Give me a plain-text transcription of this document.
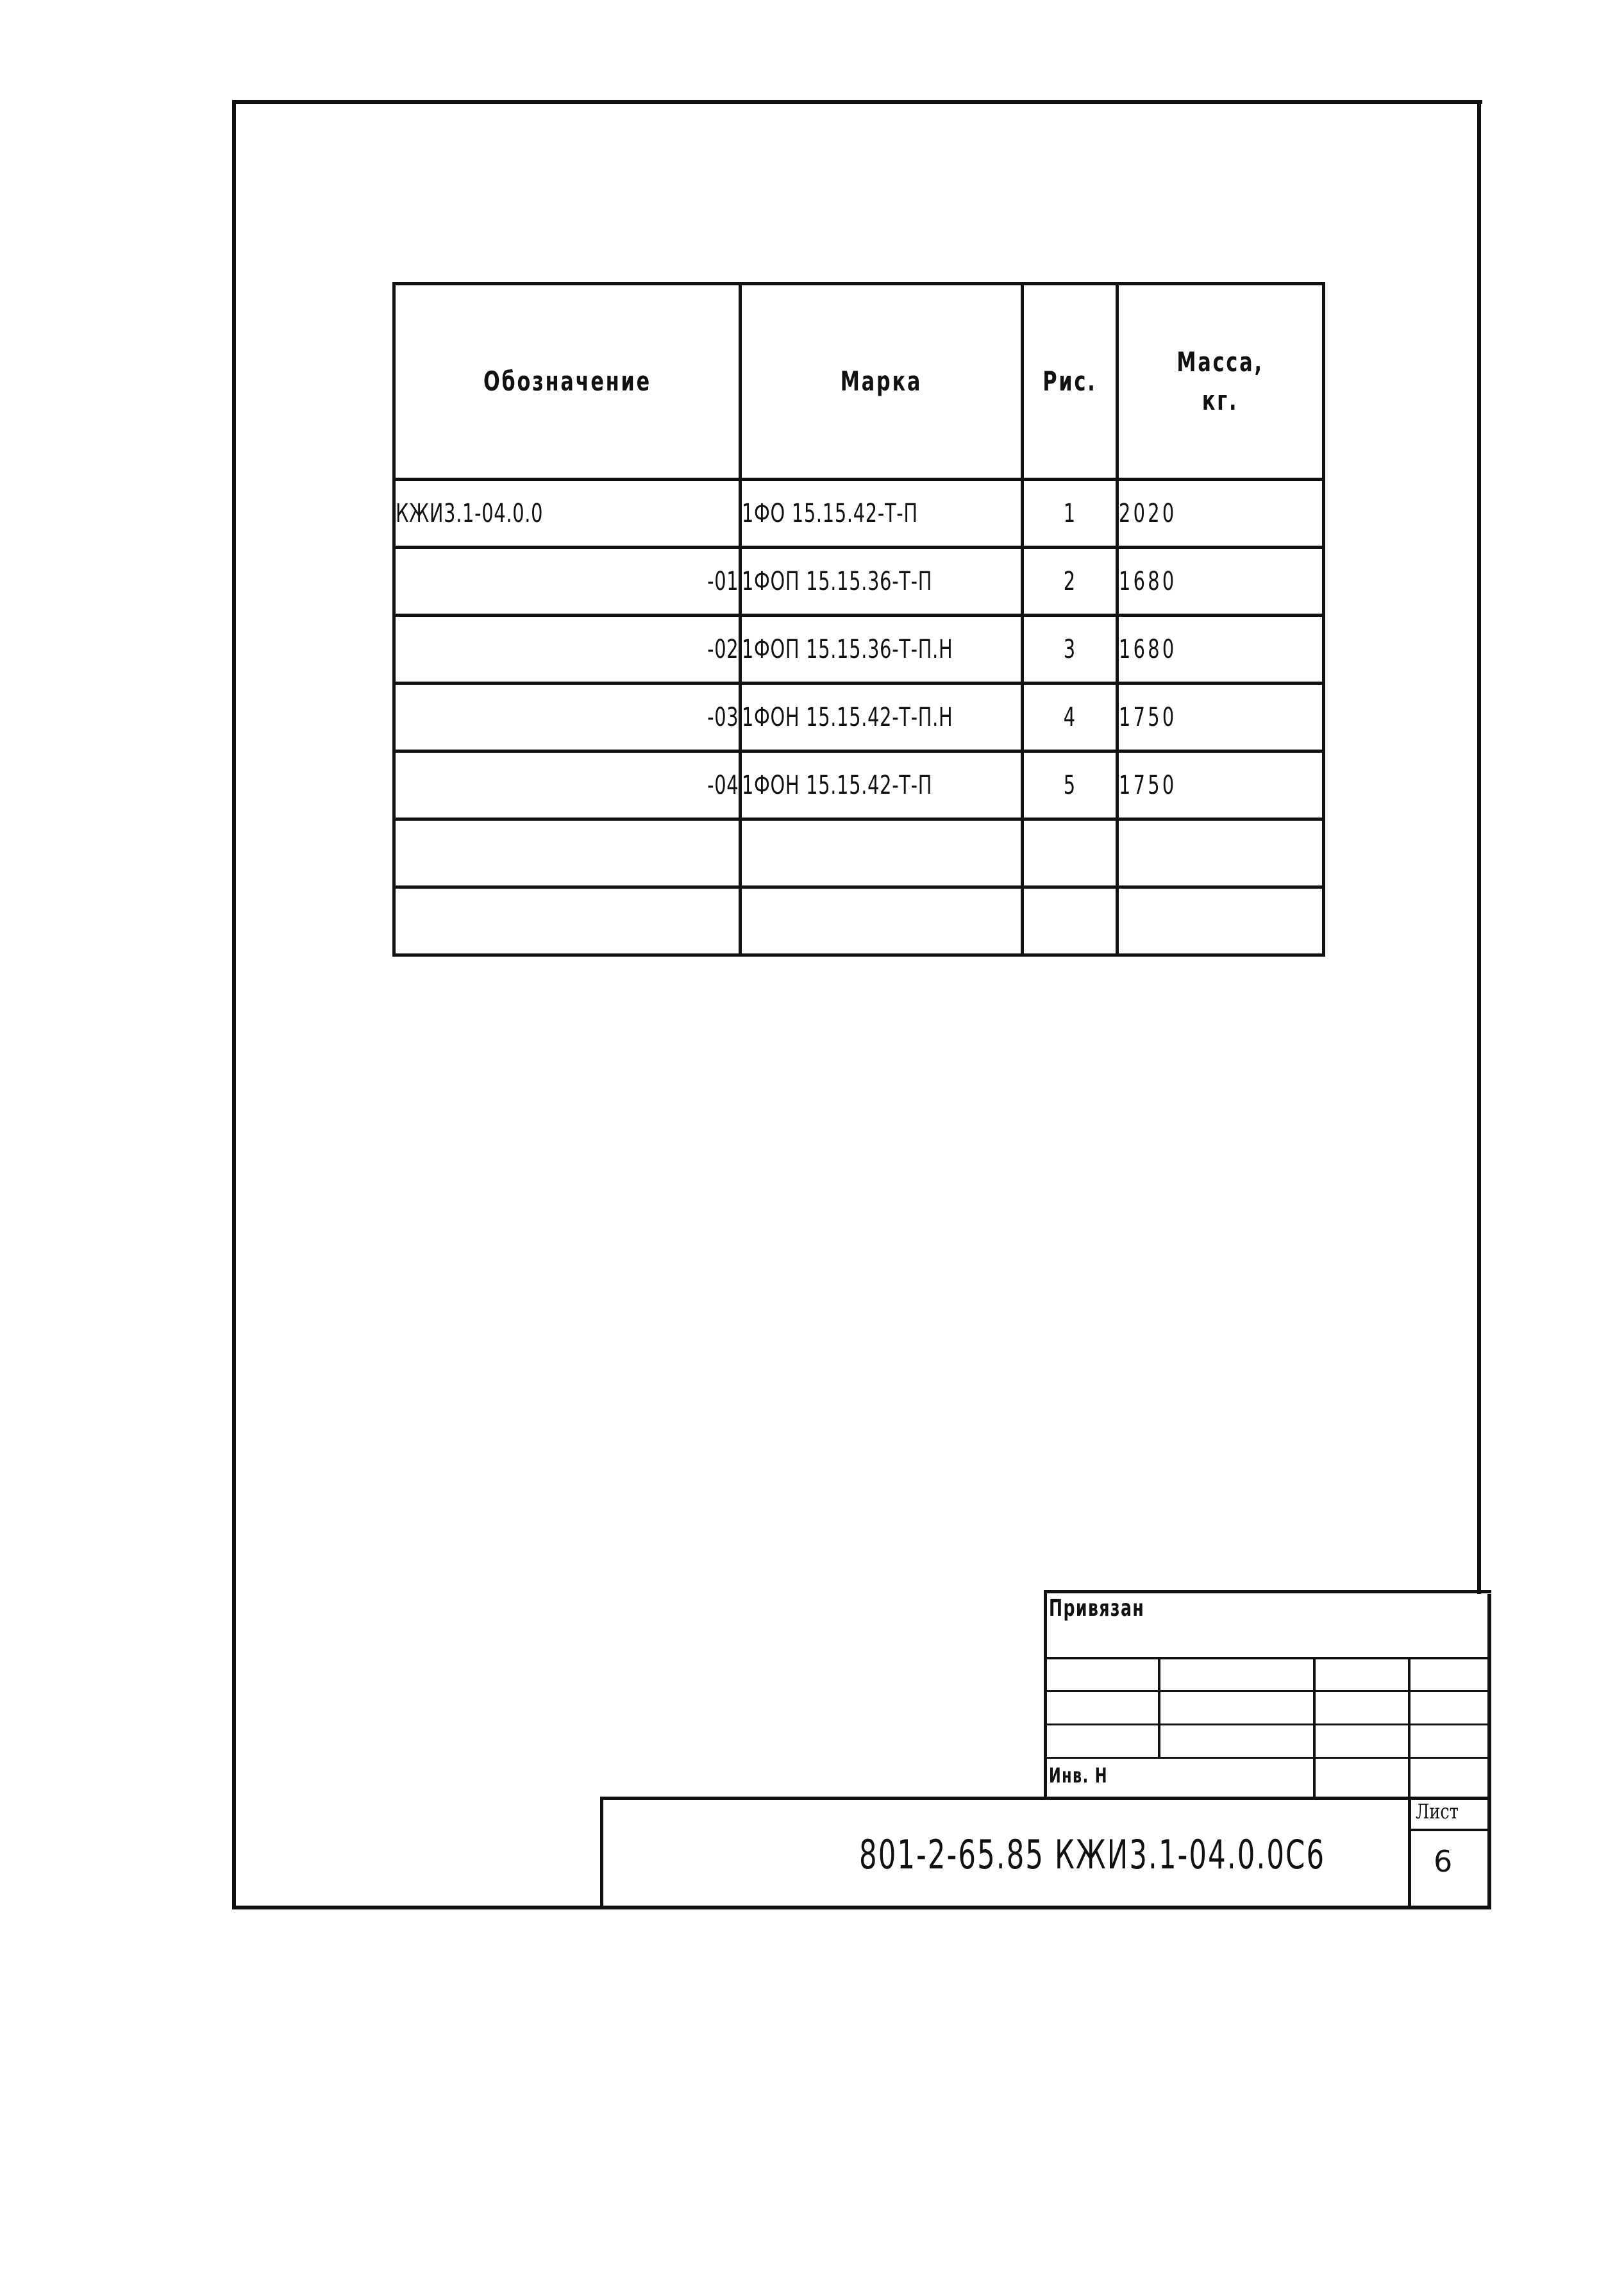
Обозначение	Марка	Рис.	Масса,
кг.
КЖИ3.1-04.0.0	1ФО 15.15.42-Т-П	1	2020
-01	1ФОП 15.15.36-Т-П	2	1680
-02	1ФОП 15.15.36-Т-П.Н	3	1680
-03	1ФОН 15.15.42-Т-П.Н	4	1750
-04	1ФОН 15.15.42-Т-П	5	1750

Привязан
Инв. Н
801-2-65.85 КЖИ3.1-04.0.0С6
Лист
6
